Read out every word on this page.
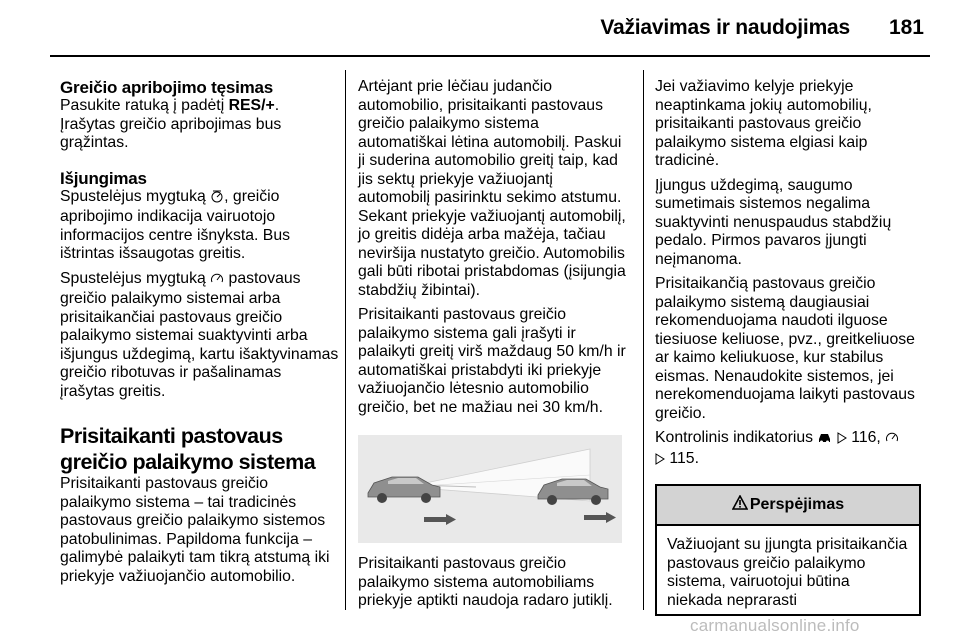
Važiavimas ir naudojimas	181
Greičio apribojimo tęsimas

Pasukite ratuką į padėtį RES/+.

Įrašytas greičio apribojimas bus grąžintas.

Išjungimas

Spustelėjus mygtuką , greičio apribojimo indikacija vairuotojo informacijos centre išnyksta. Bus ištrintas išsaugotas greitis.

Spustelėjus mygtuką  pastovaus greičio palaikymo sistemai arba prisitaikančiai pastovaus greičio palaikymo sistemai suaktyvinti arba išjungus uždegimą, kartu išaktyvinamas greičio ribotuvas ir pašalinamas įrašytas greitis.

Prisitaikanti pastovaus greičio palaikymo sistema

Prisitaikanti pastovaus greičio palaikymo sistema – tai tradicinės pastovaus greičio palaikymo sistemos patobulinimas. Papildoma funkcija – galimybė palaikyti tam tikrą atstumą iki priekyje važiuojančio automobilio.

Artėjant prie lėčiau judančio automobilio, prisitaikanti pastovaus greičio palaikymo sistema automatiškai lėtina automobilį. Paskui ji suderina automobilio greitį taip, kad jis sektų priekyje važiuojantį automobilį pasirinktu sekimo atstumu. Sekant priekyje važiuojantį automobilį, jo greitis didėja arba mažėja, tačiau neviršija nustatyto greičio. Automobilis gali būti ribotai pristabdomas (įsijungia stabdžių žibintai).

Prisitaikanti pastovaus greičio palaikymo sistema gali įrašyti ir palaikyti greitį virš maždaug 50 km/h ir automatiškai pristabdyti iki priekyje važiuojančio lėtesnio automobilio greičio, bet ne mažiau nei 30 km/h.

Prisitaikanti pastovaus greičio palaikymo sistema automobiliams priekyje aptikti naudoja radaro jutiklį.

Jei važiavimo kelyje priekyje neaptinkama jokių automobilių, prisitaikanti pastovaus greičio palaikymo sistema elgiasi kaip tradicinė.

Įjungus uždegimą, saugumo sumetimais sistemos negalima suaktyvinti nenuspaudus stabdžių pedalo. Pirmos pavaros įjungti neįmanoma.

Prisitaikančią pastovaus greičio palaikymo sistemą daugiausiai rekomenduojama naudoti ilguose tiesiuose keliuose, pvz., greitkeliuose ar kaimo keliukuose, kur stabilus eismas. Nenaudokite sistemos, jei nerekomenduojama laikyti pastovaus greičio.

Kontrolinis indikatorius   116,
115.

Perspėjimas
Važiuojant su įjungta prisitaikančia pastovaus greičio palaikymo sistema, vairuotojui būtina niekada neprarasti
carmanualsonline.info
